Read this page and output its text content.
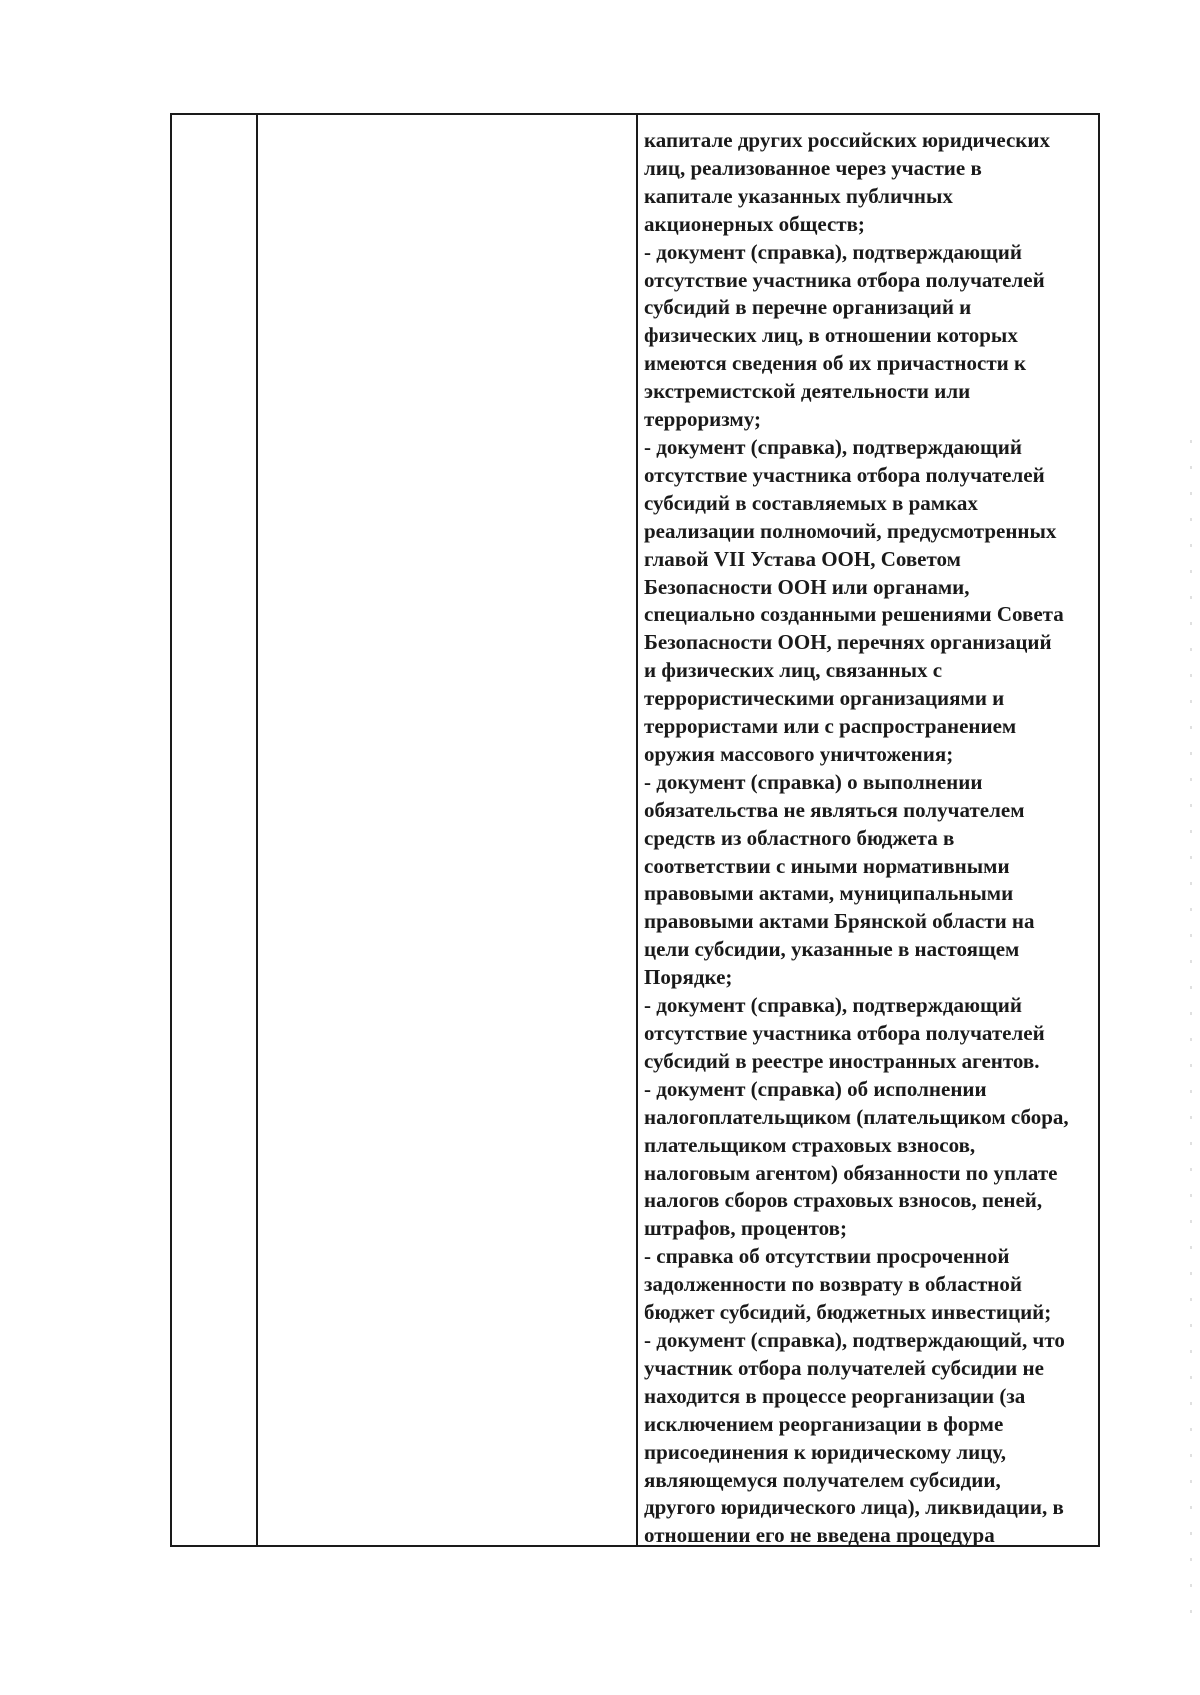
капитале других российских юридических
лиц, реализованное через участие в
капитале указанных публичных
акционерных обществ;
- документ (справка), подтверждающий
отсутствие участника отбора получателей
субсидий в перечне организаций и
физических лиц, в отношении которых
имеются сведения об их причастности к
экстремистской деятельности или
терроризму;
- документ (справка), подтверждающий
отсутствие участника отбора получателей
субсидий в составляемых в рамках
реализации полномочий, предусмотренных
главой VII Устава ООН, Советом
Безопасности ООН или органами,
специально созданными решениями Совета
Безопасности ООН, перечнях организаций
и физических лиц, связанных с
террористическими организациями и
террористами или с распространением
оружия массового уничтожения;
- документ (справка) о выполнении
обязательства не являться получателем
средств из областного бюджета в
соответствии с иными нормативными
правовыми актами, муниципальными
правовыми актами Брянской области на
цели субсидии, указанные в настоящем
Порядке;
- документ (справка), подтверждающий
отсутствие участника отбора получателей
субсидий в реестре иностранных агентов.
- документ (справка) об исполнении
налогоплательщиком (плательщиком сбора,
плательщиком страховых взносов,
налоговым агентом) обязанности по уплате
налогов сборов страховых взносов, пеней,
штрафов, процентов;
- справка об отсутствии просроченной
задолженности по возврату в областной
бюджет субсидий, бюджетных инвестиций;
- документ (справка), подтверждающий, что
участник отбора получателей субсидии не
находится в процессе реорганизации (за
исключением реорганизации в форме
присоединения к юридическому лицу,
являющемуся получателем субсидии,
другого юридического лица), ликвидации, в
отношении его не введена процедура
